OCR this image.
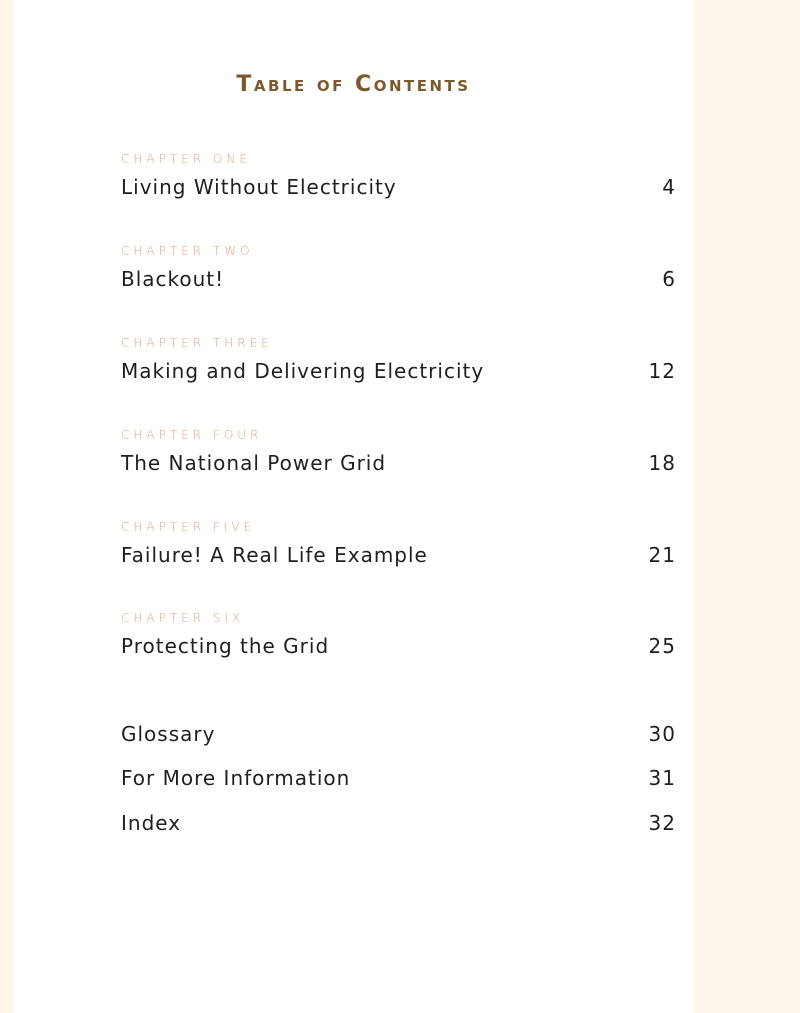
Table of Contents
CHAPTER ONE
Living Without Electricity	4
CHAPTER TWO
Blackout!	6
CHAPTER THREE
Making and Delivering Electricity	12
CHAPTER FOUR
The National Power Grid	18
CHAPTER FIVE
Failure! A Real Life Example	21
CHAPTER SIX
Protecting the Grid	25
Glossary	30
For More Information	31
Index	32
